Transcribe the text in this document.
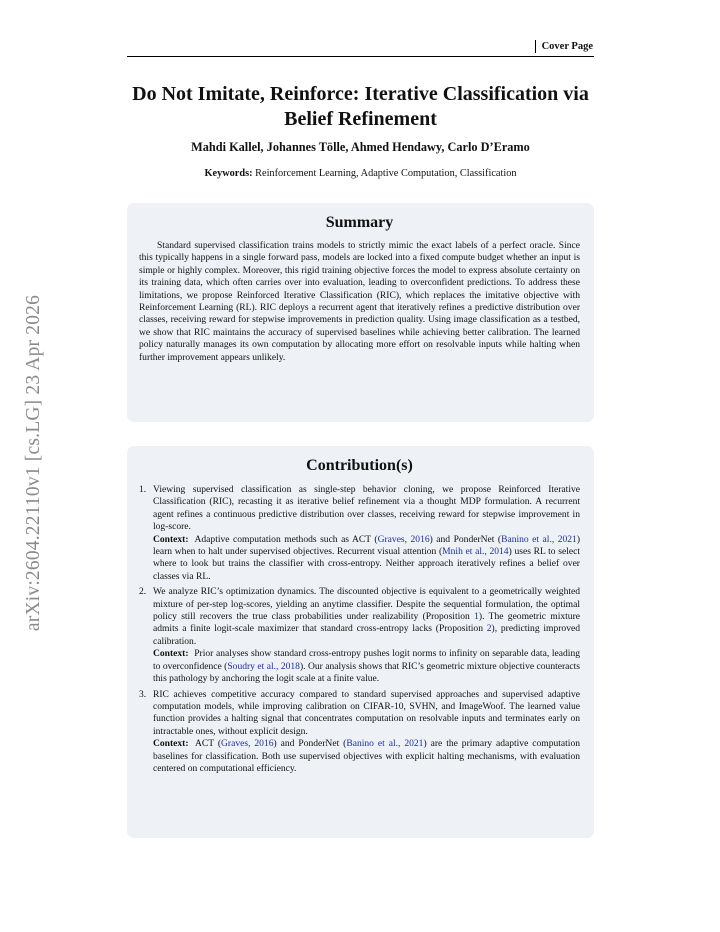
arXiv:2604.22110v1 [cs.LG] 23 Apr 2026
Cover Page
Do Not Imitate, Reinforce: Iterative Classification via
Belief Refinement
Mahdi Kallel, Johannes Tölle, Ahmed Hendawy, Carlo D’Eramo
Keywords: Reinforcement Learning, Adaptive Computation, Classification
Summary

Standard supervised classification trains models to strictly mimic the exact labels of a perfect oracle. Since this typically happens in a single forward pass, models are locked into a fixed compute budget whether an input is simple or highly complex. Moreover, this rigid training objective forces the model to express absolute certainty on its training data, which often carries over into evaluation, leading to overconfident predictions. To address these limitations, we propose Reinforced Iterative Classification (RIC), which replaces the imitative objective with Reinforcement Learning (RL). RIC deploys a recurrent agent that iteratively refines a predictive distribution over classes, receiving reward for stepwise improvements in prediction quality. Using image classification as a testbed, we show that RIC maintains the accuracy of supervised baselines while achieving better calibration. The learned policy naturally manages its own computation by allocating more effort on resolvable inputs while halting when further improvement appears unlikely.

Contribution(s)
1. Viewing supervised classification as single-step behavior cloning, we propose Reinforced Iterative Classification (RIC), recasting it as iterative belief refinement via a thought MDP formulation. A recurrent agent refines a continuous predictive distribution over classes, receiving reward for stepwise improvement in log-score.
Context: Adaptive computation methods such as ACT (Graves, 2016) and PonderNet (Banino et al., 2021) learn when to halt under supervised objectives. Recurrent visual attention (Mnih et al., 2014) uses RL to select where to look but trains the classifier with cross-entropy. Neither approach iteratively refines a belief over classes via RL.
2. We analyze RIC’s optimization dynamics. The discounted objective is equivalent to a geometrically weighted mixture of per-step log-scores, yielding an anytime classifier. Despite the sequential formulation, the optimal policy still recovers the true class probabilities under realizability (Proposition 1). The geometric mixture admits a finite logit-scale maximizer that standard cross-entropy lacks (Proposition 2), predicting improved calibration.
Context: Prior analyses show standard cross-entropy pushes logit norms to infinity on separable data, leading to overconfidence (Soudry et al., 2018). Our analysis shows that RIC’s geometric mixture objective counteracts this pathology by anchoring the logit scale at a finite value.
3. RIC achieves competitive accuracy compared to standard supervised approaches and supervised adaptive computation models, while improving calibration on CIFAR-10, SVHN, and ImageWoof. The learned value function provides a halting signal that concentrates computation on resolvable inputs and terminates early on intractable ones, without explicit design.
Context: ACT (Graves, 2016) and PonderNet (Banino et al., 2021) are the primary adaptive computation baselines for classification. Both use supervised objectives with explicit halting mechanisms, with evaluation centered on computational efficiency.
